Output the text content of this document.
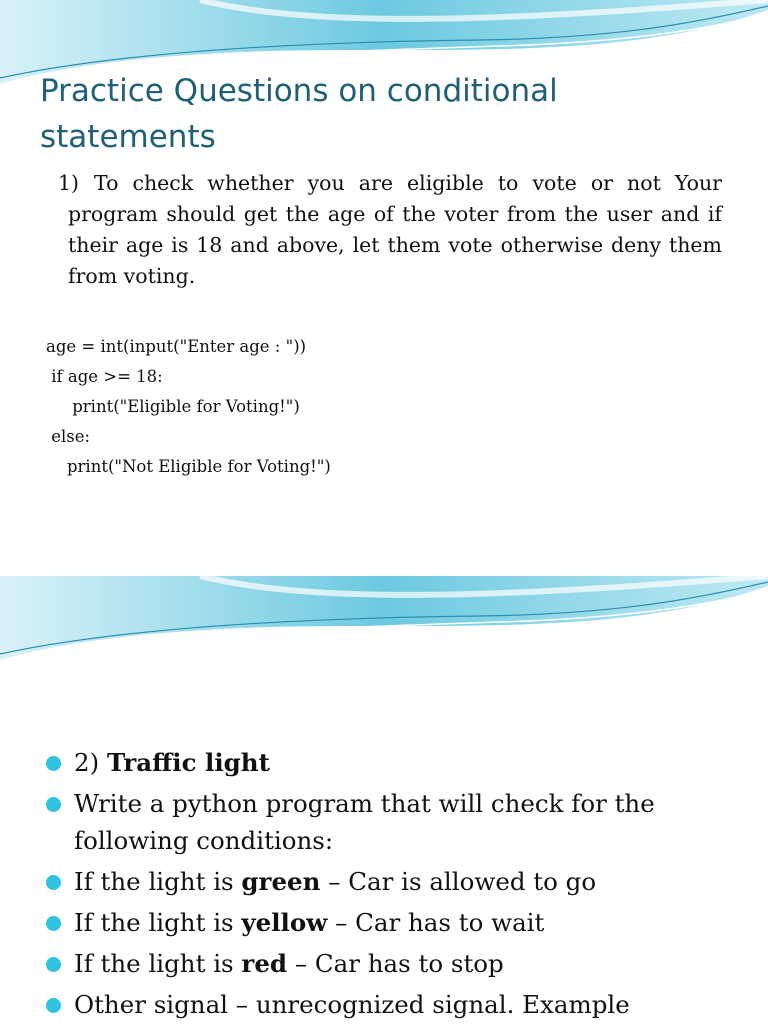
Practice Questions on conditional statements
1) To check whether you are eligible to vote or not Your program should get the age of the voter from the user and if their age is 18 and above, let them vote otherwise deny them from voting.
age = int(input("Enter age : "))
if age >= 18:
print("Eligible for Voting!")
else:
print("Not Eligible for Voting!")
2) Traffic light
Write a python program that will check for the following conditions:
If the light is green – Car is allowed to go
If the light is yellow – Car has to wait
If the light is red – Car has to stop
Other signal – unrecognized signal. Example
